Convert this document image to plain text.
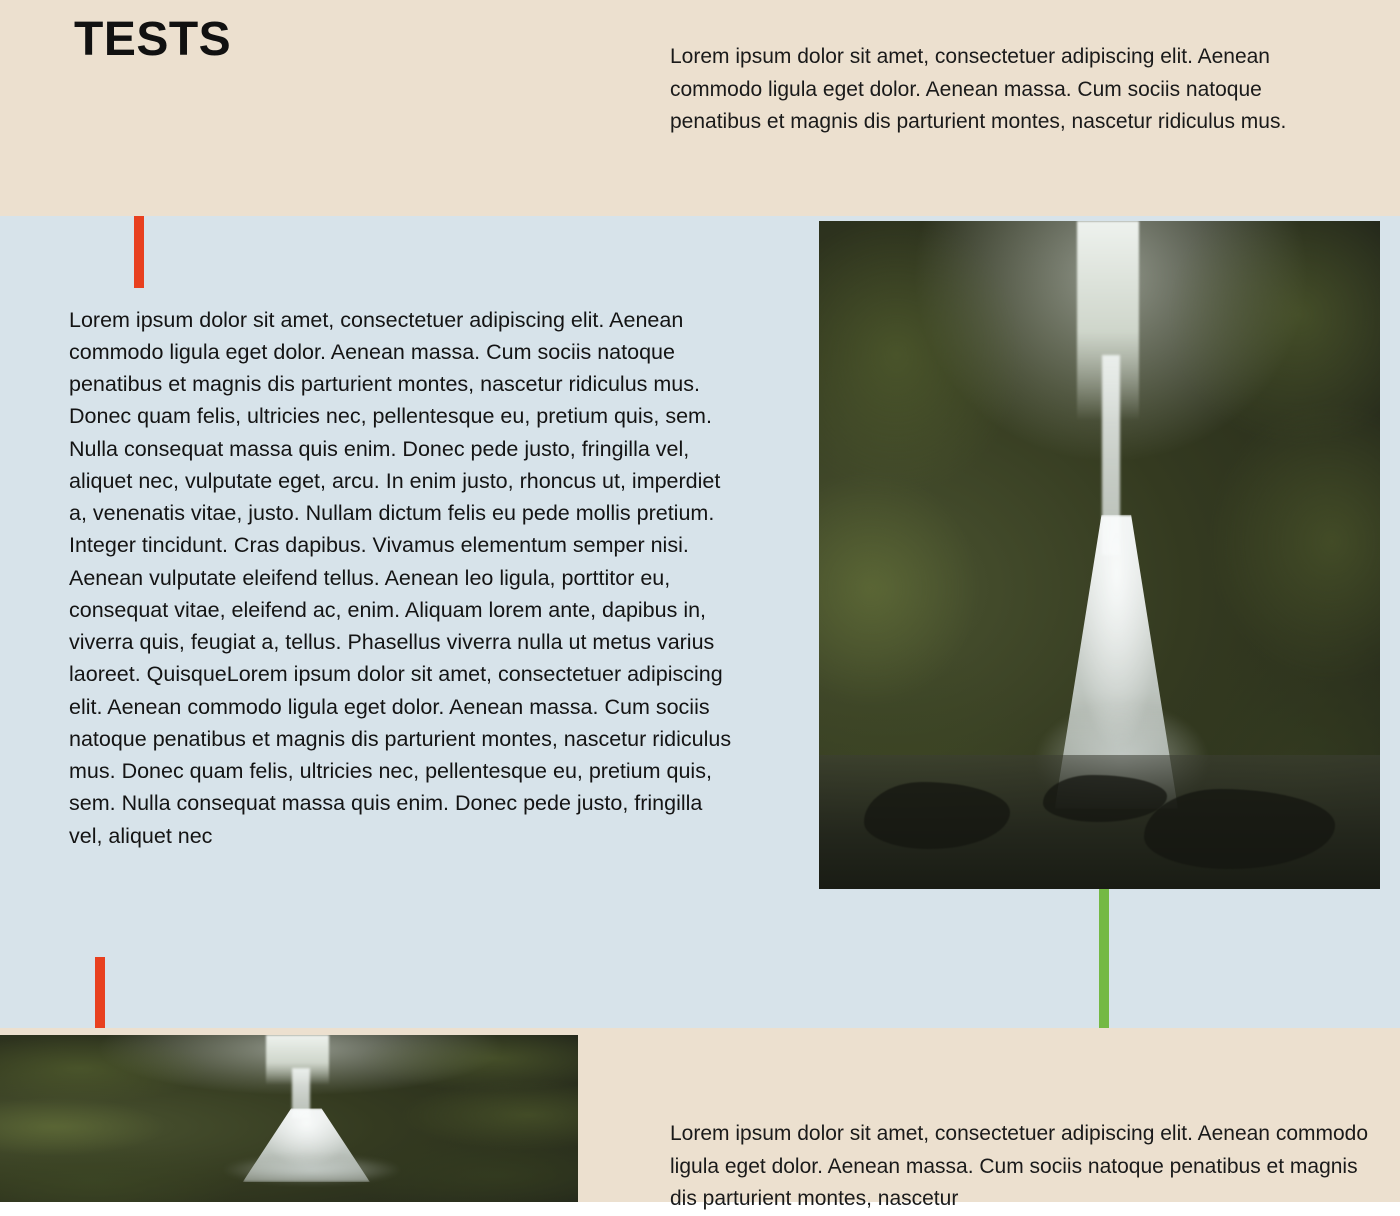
TESTS	Lorem ipsum dolor sit amet, consectetuer adipiscing elit. Aenean commodo ligula eget dolor. Aenean massa. Cum sociis natoque penatibus et magnis dis parturient montes, nascetur ridiculus mus.

Lorem ipsum dolor sit amet, consectetuer adipiscing elit. Aenean commodo ligula eget dolor. Aenean massa. Cum sociis natoque penatibus et magnis dis parturient montes, nascetur ridiculus mus. Donec quam felis, ultricies nec, pellentesque eu, pretium quis, sem. Nulla consequat massa quis enim. Donec pede justo, fringilla vel, aliquet nec, vulputate eget, arcu. In enim justo, rhoncus ut, imperdiet a, venenatis vitae, justo. Nullam dictum felis eu pede mollis pretium. Integer tincidunt. Cras dapibus. Vivamus elementum semper nisi. Aenean vulputate eleifend tellus. Aenean leo ligula, porttitor eu, consequat vitae, eleifend ac, enim. Aliquam lorem ante, dapibus in, viverra quis, feugiat a, tellus. Phasellus viverra nulla ut metus varius laoreet. QuisqueLorem ipsum dolor sit amet, consectetuer adipiscing elit. Aenean commodo ligula eget dolor. Aenean massa. Cum sociis natoque penatibus et magnis dis parturient montes, nascetur ridiculus mus. Donec quam felis, ultricies nec, pellentesque eu, pretium quis, sem. Nulla consequat massa quis enim. Donec pede justo, fringilla vel, aliquet nec

Lorem ipsum dolor sit amet, consectetuer adipiscing elit. Aenean commodo ligula eget dolor. Aenean massa. Cum sociis natoque penatibus et magnis dis parturient montes, nascetur
